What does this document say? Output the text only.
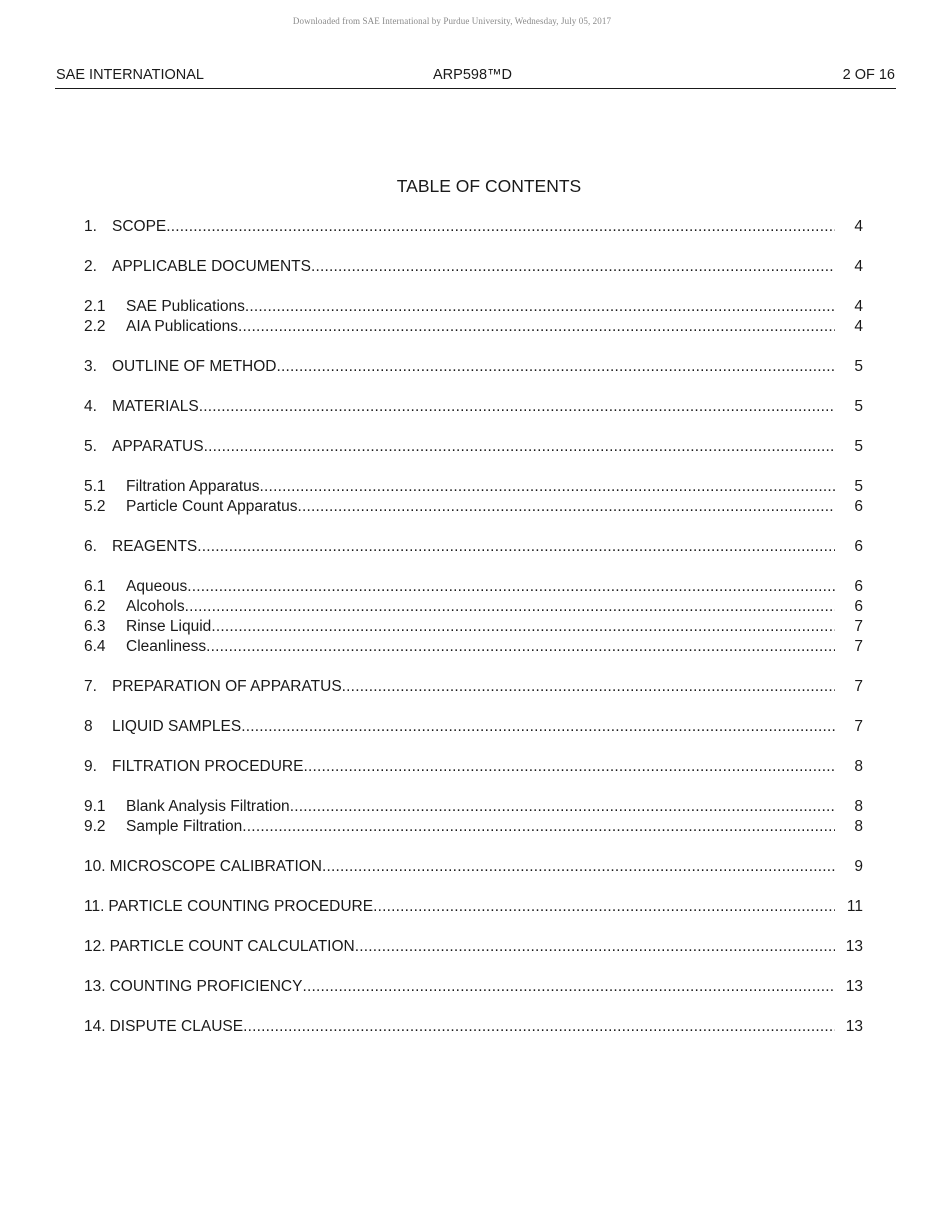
Downloaded from SAE International by Purdue University, Wednesday, July 05, 2017
SAE INTERNATIONAL	ARP598™D	2 OF 16
TABLE OF CONTENTS
1. SCOPE .....	4
2. APPLICABLE DOCUMENTS .....	4
2.1 SAE Publications .....	4
2.2 AIA Publications .....	4
3. OUTLINE OF METHOD .....	5
4. MATERIALS .....	5
5. APPARATUS .....	5
5.1 Filtration Apparatus .....	5
5.2 Particle Count Apparatus .....	6
6. REAGENTS .....	6
6.1 Aqueous .....	6
6.2 Alcohols .....	6
6.3 Rinse Liquid .....	7
6.4 Cleanliness .....	7
7. PREPARATION OF APPARATUS .....	7
8 LIQUID SAMPLES .....	7
9. FILTRATION PROCEDURE .....	8
9.1 Blank Analysis Filtration .....	8
9.2 Sample Filtration .....	8
10. MICROSCOPE CALIBRATION .....	9
11. PARTICLE COUNTING PROCEDURE .....	11
12. PARTICLE COUNT CALCULATION .....	13
13. COUNTING PROFICIENCY .....	13
14. DISPUTE CLAUSE .....	13
